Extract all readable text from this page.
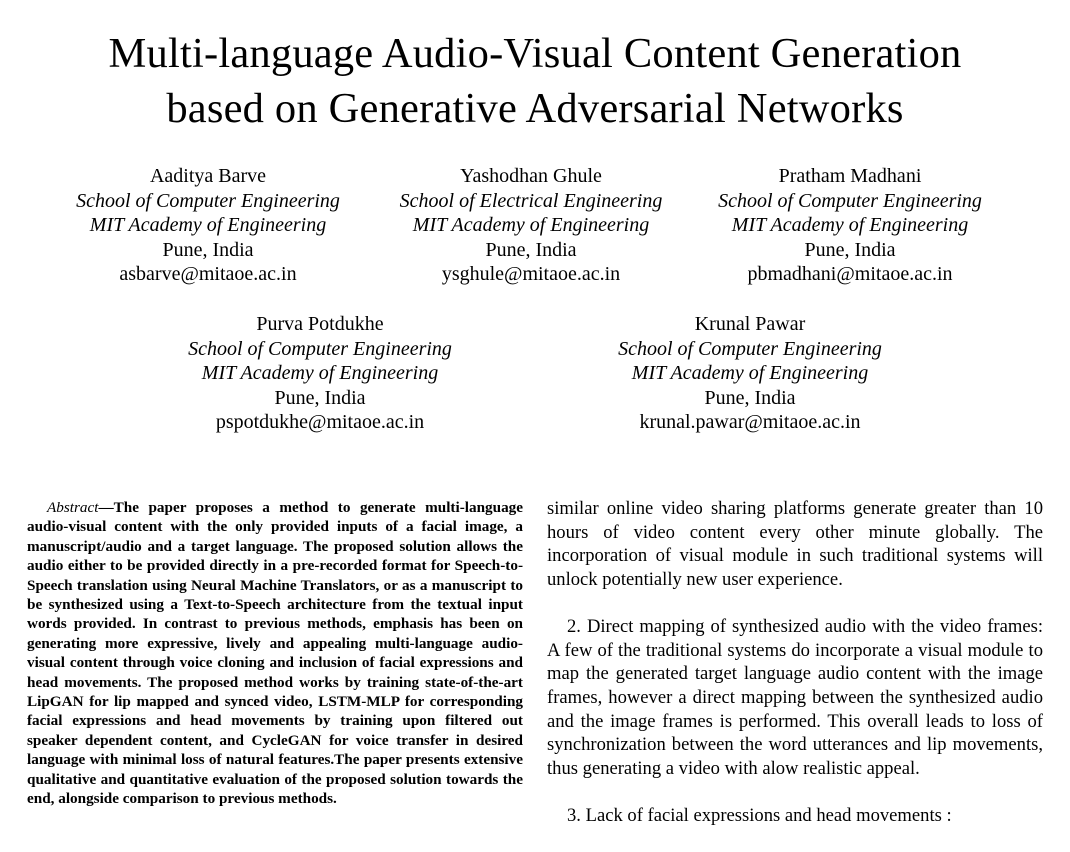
Multi-language Audio-Visual Content Generation
based on Generative Adversarial Networks
Aaditya Barve
School of Computer Engineering
MIT Academy of Engineering
Pune, India
asbarve@mitaoe.ac.in
Yashodhan Ghule
School of Electrical Engineering
MIT Academy of Engineering
Pune, India
ysghule@mitaoe.ac.in
Pratham Madhani
School of Computer Engineering
MIT Academy of Engineering
Pune, India
pbmadhani@mitaoe.ac.in
Purva Potdukhe
School of Computer Engineering
MIT Academy of Engineering
Pune, India
pspotdukhe@mitaoe.ac.in
Krunal Pawar
School of Computer Engineering
MIT Academy of Engineering
Pune, India
krunal.pawar@mitaoe.ac.in
Abstract—The paper proposes a method to generate multi-language audio-visual content with the only provided inputs of a facial image, a manuscript/audio and a target language. The proposed solution allows the audio either to be provided directly in a pre-recorded format for Speech-to-Speech translation using Neural Machine Translators, or as a manuscript to be synthesized using a Text-to-Speech architecture from the textual input words provided. In contrast to previous methods, emphasis has been on generating more expressive, lively and appealing multi-language audio-visual content through voice cloning and inclusion of facial expressions and head movements. The proposed method works by training state-of-the-art LipGAN for lip mapped and synced video, LSTM-MLP for corresponding facial expressions and head movements by training upon filtered out speaker dependent content, and CycleGAN for voice transfer in desired language with minimal loss of natural features.The paper presents extensive qualitative and quantitative evaluation of the proposed solution towards the end, alongside comparison to previous methods.

similar online video sharing platforms generate greater than 10 hours of video content every other minute globally. The incorporation of visual module in such traditional systems will unlock potentially new user experience.

2. Direct mapping of synthesized audio with the video frames: A few of the traditional systems do incorporate a visual module to map the generated target language audio content with the image frames, however a direct mapping between the synthesized audio and the image frames is performed. This overall leads to loss of synchronization between the word utterances and lip movements, thus generating a video with alow realistic appeal.

3. Lack of facial expressions and head movements :
